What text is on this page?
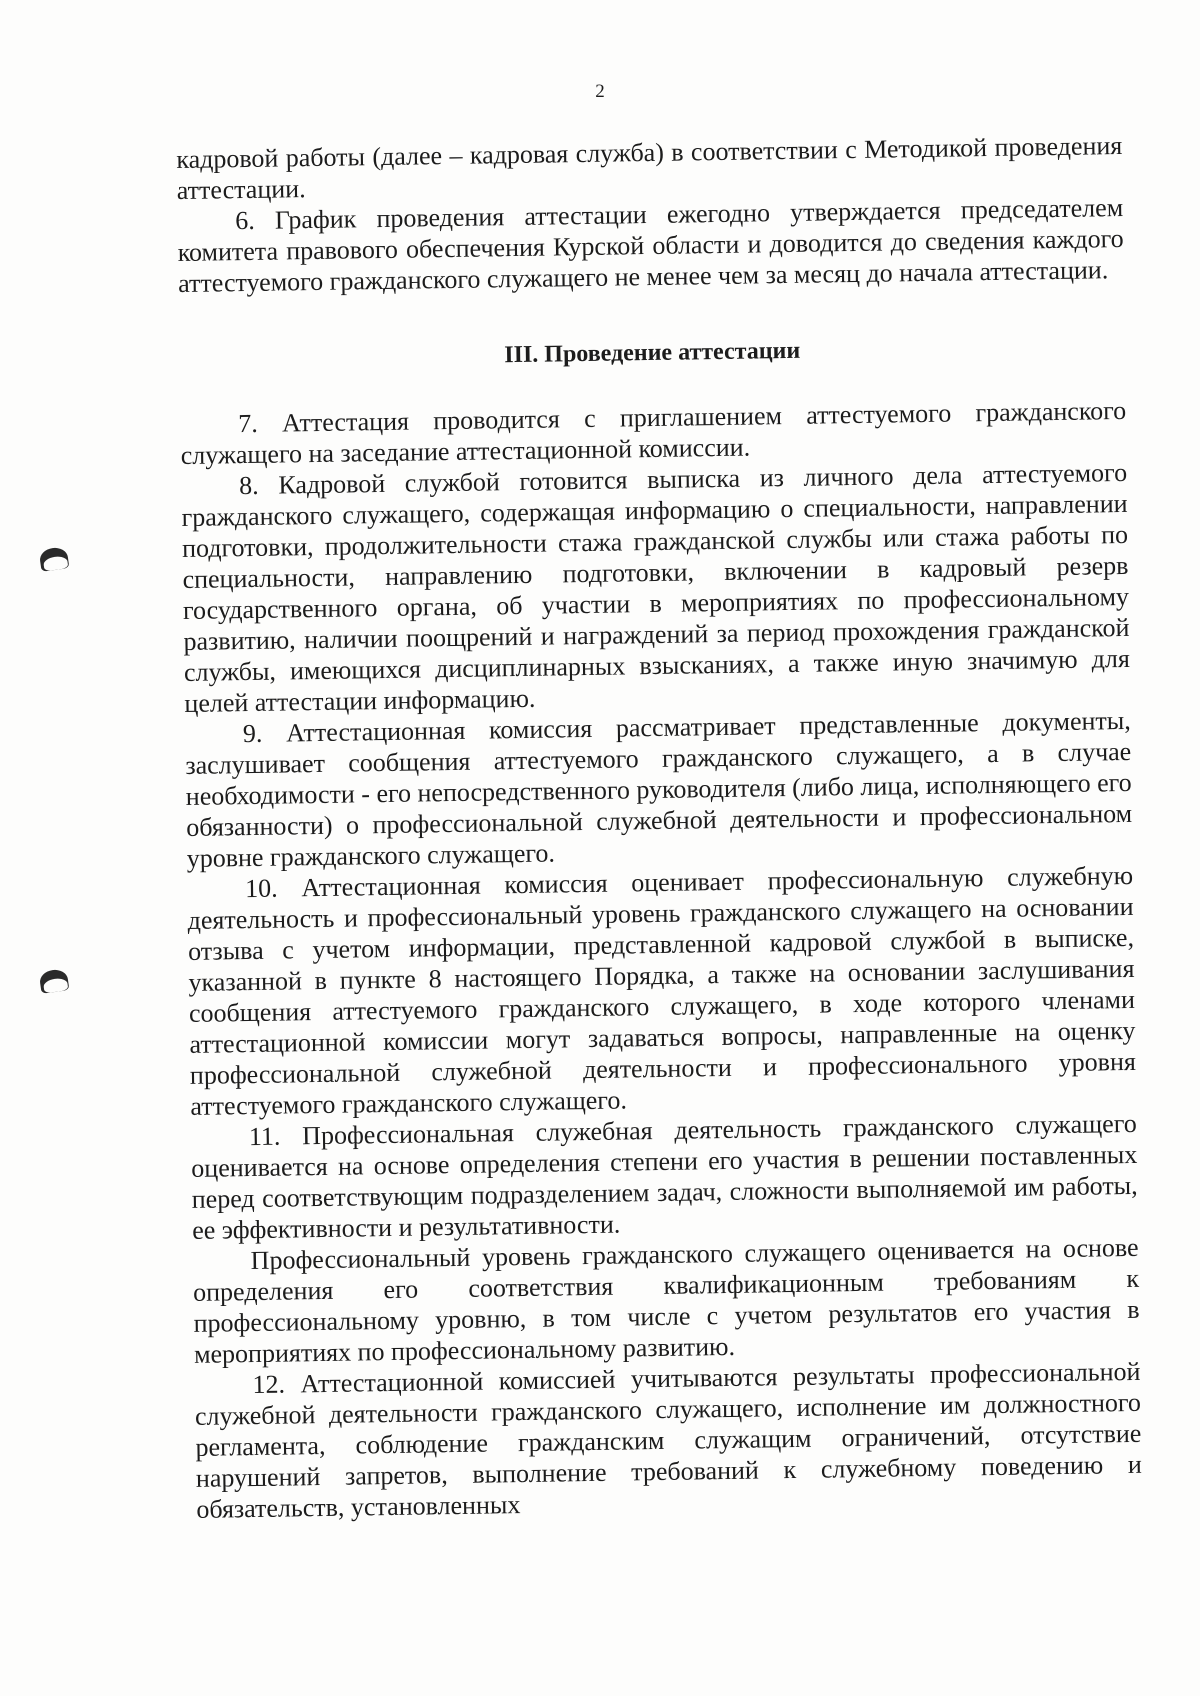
2

кадровой работы (далее – кадровая служба) в соответствии с Методикой проведения аттестации.

6. График проведения аттестации ежегодно утверждается председателем комитета правового обеспечения Курской области и доводится до сведения каждого аттестуемого гражданского служащего не менее чем за месяц до начала аттестации.

III. Проведение аттестации

7. Аттестация проводится с приглашением аттестуемого гражданского служащего на заседание аттестационной комиссии.

8. Кадровой службой готовится выписка из личного дела аттестуемого гражданского служащего, содержащая информацию о специальности, направлении подготовки, продолжительности стажа гражданской службы или стажа работы по специальности, направлению подготовки, включении в кадровый резерв государственного органа, об участии в мероприятиях по профессиональному развитию, наличии поощрений и награждений за период прохождения гражданской службы, имеющихся дисциплинарных взысканиях, а также иную значимую для целей аттестации информацию.

9. Аттестационная комиссия рассматривает представленные документы, заслушивает сообщения аттестуемого гражданского служащего, а в случае необходимости - его непосредственного руководителя (либо лица, исполняющего его обязанности) о профессиональной служебной деятельности и профессиональном уровне гражданского служащего.

10. Аттестационная комиссия оценивает профессиональную служебную деятельность и профессиональный уровень гражданского служащего на основании отзыва с учетом информации, представленной кадровой службой в выписке, указанной в пункте 8 настоящего Порядка, а также на основании заслушивания сообщения аттестуемого гражданского служащего, в ходе которого членами аттестационной комиссии могут задаваться вопросы, направленные на оценку профессиональной служебной деятельности и профессионального уровня аттестуемого гражданского служащего.

11. Профессиональная служебная деятельность гражданского служащего оценивается на основе определения степени его участия в решении поставленных перед соответствующим подразделением задач, сложности выполняемой им работы, ее эффективности и результативности.

Профессиональный уровень гражданского служащего оценивается на основе определения его соответствия квалификационным требованиям к профессиональному уровню, в том числе с учетом результатов его участия в мероприятиях по профессиональному развитию.

12. Аттестационной комиссией учитываются результаты профессиональной служебной деятельности гражданского служащего, исполнение им должностного регламента, соблюдение гражданским служащим ограничений, отсутствие нарушений запретов, выполнение требований к служебному поведению и обязательств, установленных
